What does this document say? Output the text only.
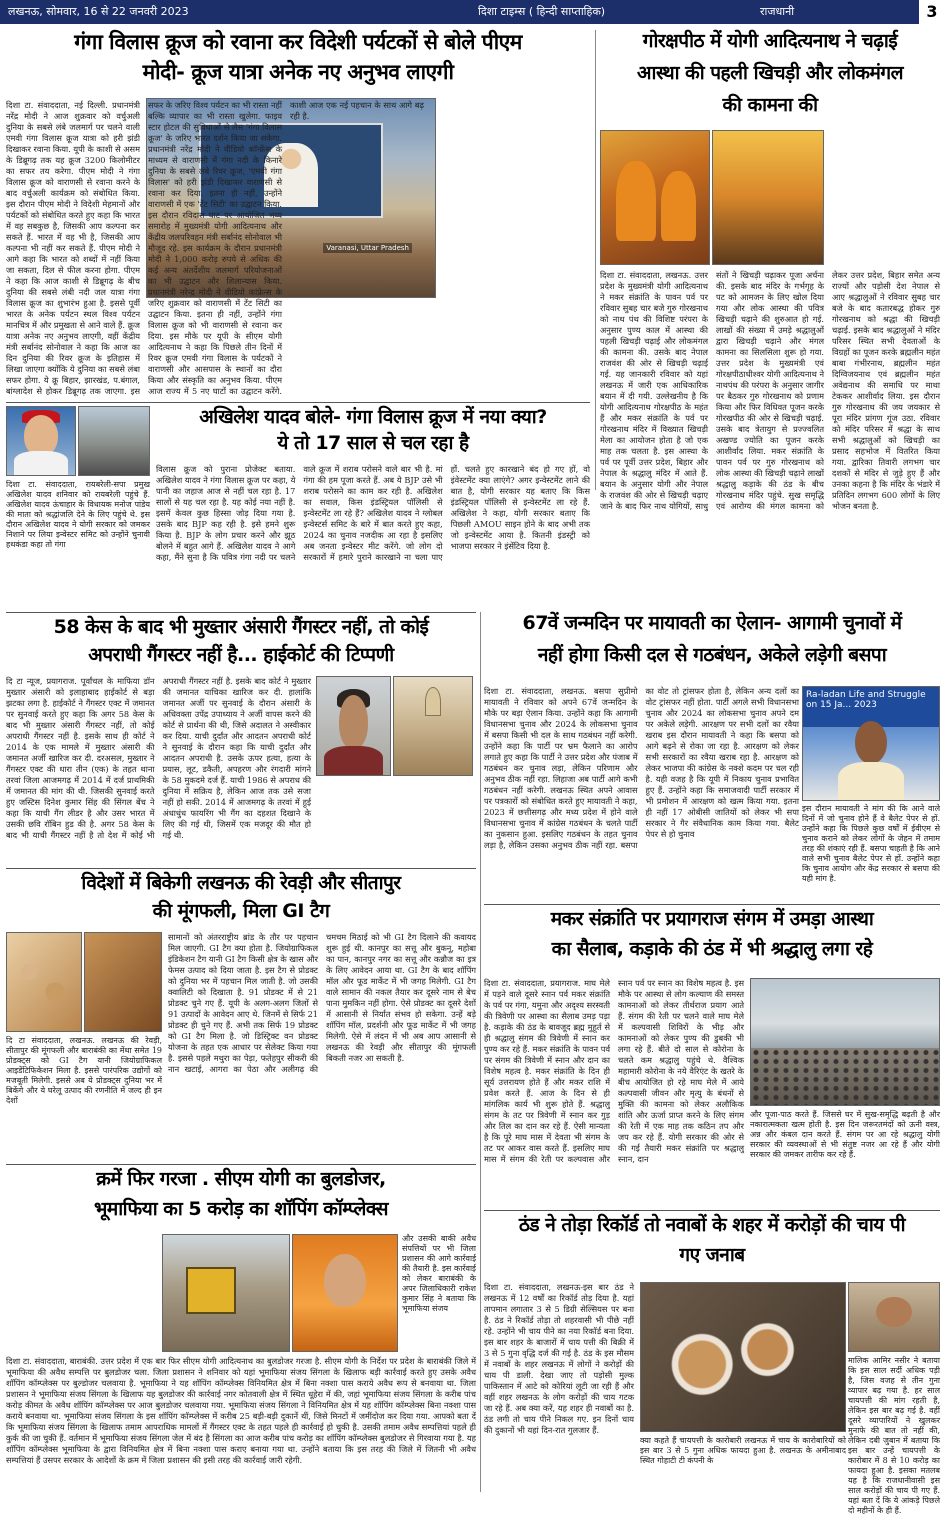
लखनऊ, सोमवार, 16 से 22 जनवरी 2023	दिशा टाइम्स ( हिन्दी साप्ताहिक)	राजधानी	3
गंगा विलास क्रूज को रवाना कर विदेशी पर्यटकों से बोले पीएम
मोदी- क्रूज यात्रा अनेक नए अनुभव लाएगी
Varanasi, Uttar Pradesh
दिशा टा. संवाददाता, नई दिल्ली. प्रधानमंत्री नरेंद्र मोदी ने आज शुक्रवार को वर्चुअली दुनिया के सबसे लंबे जलमार्ग पर चलने वाली एमवी गंगा विलास क्रूज यात्रा को हरी झंडी दिखाकर रवाना किया. यूपी के काशी से असम के डिब्रूगढ़ तक यह क्रूज 3200 किलोमीटर का सफर तय करेगा. पीएम मोदी ने गंगा विलास क्रूज को वाराणसी से रवाना करने के बाद वर्चुअली कार्यक्रम को संबोधित किया. इस दौरान पीएम मोदी ने विदेशी मेहमानों और पर्यटकों को संबोधित करते हुए कहा कि भारत में वह सबकुछ है, जिसकी आप कल्पना कर सकते हैं. भारत में वह भी है, जिसकी आप कल्पना भी नहीं कर सकते हैं. पीएम मोदी ने आगे कहा कि भारत को शब्दों में नहीं किया जा सकता, दिल से फील करना होगा. पीएम ने कहा कि आज काशी से डिब्रूगढ़ के बीच दुनिया की सबसे लंबी नदी जल यात्रा गंगा विलास क्रूज का शुभारंभ हुआ है. इससे पूर्वी भारत के अनेक पर्यटन स्थल विश्व पर्यटन मानचित्र में और प्रमुखता से आने वाले हैं. क्रूज यात्रा अनेक नए अनुभव लाएगी, वहीं केंद्रीय मंत्री सर्बानंद सोनोवाल ने कहा कि आज का दिन दुनिया की रिवर क्रूज के इतिहास में लिखा जाएगा क्योंकि ये दुनिया का सबसे लंबा सफर होगा. ये क्रू बिहार, झारखंड, प.बंगाल, बांग्लादेश से होकर डिब्रूगढ़ तक जाएगा. इस जरिए शुक्रवार को वाराणसी में टेंट सिटी का उद्घाटन किया. इतना ही नहीं, उन्होंने गंगा विलास क्रूज को भी वाराणसी से रवाना कर दिया. इस मौके पर यूपी के सीएम योगी आदित्यनाथ ने कहा कि पिछले तीन दिनों में रिवर क्रूज एमवी गंगा विलास के पर्यटकों ने वाराणसी और आसपास के स्थानों का दौरा किया और संस्कृति का अनुभव किया. पीएम आज राज्य में 5 नए घाटों का उद्घाटन करेंगे.
अखिलेश यादव बोले- गंगा विलास क्रूज में नया क्या?
ये तो 17 साल से चल रहा है
दिशा टा. संवाददाता, रायबरेली-सपा प्रमुख अखिलेश यादव शनिवार को रायबरेली पहुंचे हैं. अखिलेश यादव ऊंचाहार के विधायक मनोज पांडेय की माता को श्रद्धांजलि देने के लिए पहुंचे थे. इस दौरान अखिलेश यादव ने योगी सरकार को जमकर निशाने पर लिया इन्वेस्टर समिट को उन्होंने चुनावी हथकंडा कहा तो गंगा
विलास क्रूज को पुराना प्रोजेक्ट बताया. अखिलेश यादव ने गंगा विलास क्रूज पर कहा, ये पानी का जहाज आज से नहीं चल रहा है. 17 सालों से यह चल रहा है. यह कोई नया नहीं है. इसमें केवल कुछ हिस्सा जोड़ दिया गया है. उसके बाद BJP कह रही है. इसे हमने शुरू किया है. BJP के लोग प्रचार करने और झूठ बोलने में बहुत आगे हैं. अखिलेश यादव ने आगे कहा, मैंने सुना है कि पवित्र गंगा नदी पर चलने वाले क्रूज में शराब परोसने वाले बार भी है. मां गंगा की हम पूजा करते हैं. अब ये BJP उसे भी शराब परोसने का काम कर रही है. अखिलेश का सवाल, किस इंडस्ट्रियल पॉलिसी से इन्वेस्टमेंट ला रहे हैं? अखिलेश यादव ने ग्लोबल इन्वेस्टर्स समिट के बारे में बात करते हुए कहा, 2024 का चुनाव नजदीक आ रहा है इसलिए अब जनता इन्वेस्टर मीट करेंगे. जो लोग दो सरकारों में हमारे पुराने कारखाने ना चला पाए हों. चलते हुए कारखाने बंद हो गए हों, वो इंवेस्टमेंट क्या लाएंगे? अगर इन्वेस्टमेंट लाने की बात है, योगी सरकार यह बताए कि किस इंडस्ट्रियल पॉलिसी से इन्वेस्टमेंट ला रहे हैं. अखिलेश ने कहा, योगी सरकार बताए कि पिछली AMOU साइन होने के बाद अभी तक जो इन्वेस्टमेंट आया है. कितनी इंडस्ट्री को भाजपा सरकार ने इंसेंटिव दिया है.
गोरक्षपीठ में योगी आदित्यनाथ ने चढ़ाई
आस्था की पहली खिचड़ी और लोकमंगल
की कामना की
दिशा टा. संवाददाता, लखनऊ. उत्तर प्रदेश के मुख्यमंत्री योगी आदित्यनाथ ने मकर संक्रांति के पावन पर्व पर रविवार सुबह चार बजे गुरु गोरखनाथ को नाथ पंथ की विशिष्ट परंपरा के अनुसार पुण्य काल में आस्था की पहली खिचड़ी चढ़ाई और लोकमंगल की कामना की. उसके बाद नेपाल राजवंश की ओर से खिचड़ी चढ़ाई गई. यह जानकारी रविवार को यहां लखनऊ में जारी एक आधिकारिक बयान में दी गयी. उल्लेखनीय है कि योगी आदित्यनाथ गोरक्षपीठ के महंत हैं और मकर संक्रांति के पर्व पर गोरखनाथ मंदिर में विख्यात खिचड़ी मेला का आयोजन होता है जो एक माह तक चलता है. इस आस्था के पर्व पर पूर्वी उत्तर प्रदेश, बिहार और नेपाल के श्रद्धालु मंदिर में आते हैं. बयान के अनुसार योगी और नेपाल के राजवंश की ओर से खिचड़ी चढ़ाए जाने के बाद फिर नाथ योगियों, साधु संतों ने खिचड़ी चढ़ाकर पूजा अर्चना की. इसके बाद मंदिर के गर्भगृह के पट को आमजन के लिए खोल दिया गया और लोक आस्था की पवित्र खिचड़ी चढ़ाने की शुरुआत हो गई. लाखों की संख्या में उमड़े श्रद्धालुओं द्वारा खिचड़ी चढ़ाने और मंगल कामना का सिलसिला शुरू हो गया. उत्तर प्रदेश के मुख्यमंत्री एवं गोरक्षपीठाधीश्वर योगी आदित्यनाथ ने नाथपंथ की परंपरा के अनुसार जागीर पर बैठकर गुरु गोरखनाथ को प्रणाम किया और फिर विधिवत पूजन करके गोरखपीठ की ओर से खिचड़ी चढ़ाई. उसके बाद त्रेतायुग से प्रज्ज्वलित अखण्ड ज्योति का पूजन करके आशीर्वाद लिया. मकर संक्रांति के पावन पर्व पर गुरु गोरखनाथ को लोक आस्था की खिचड़ी चढ़ाने लाखों श्रद्धालु कड़ाके की ठंड के बीच गोरखनाथ मंदिर पहुंचे. सुख समृद्धि एवं आरोग्य की मंगल कामना को लेकर उत्तर प्रदेश, बिहार समेत अन्य राज्यों और पड़ोसी देश नेपाल से आए श्रद्धालुओं ने रविवार सुबह चार बजे के बाद कतारबद्ध होकर गुरु गोरखनाथ को श्रद्धा की खिचड़ी चढ़ाई. इसके बाद श्रद्धालुओं ने मंदिर परिसर स्थित सभी देवताओं के विग्रहों का पूजन करके ब्रह्मलीन महंत बाबा गंभीरनाथ, ब्रह्मलीन महंत दिग्विजयनाथ एवं ब्रह्मलीन महंत अवेद्यनाथ की समाधि पर माथा टेककर आशीर्वाद लिया. इस दौरान गुरु गोरखनाथ की जय जयकार से पूरा मंदिर प्रांगण गूंज उठा. रविवार को मंदिर परिसर में श्रद्धा के साथ सभी श्रद्धालुओं को खिचड़ी का प्रसाद सहभोज में वितरित किया गया. द्वारिका तिवारी लगभग चार दशकों से मंदिर से जुड़े हुए हैं और उनका कहना है कि मंदिर के भंडारे में प्रतिदिन लगभग 600 लोगों के लिए भोजन बनता है.
58 केस के बाद भी मुख्तार अंसारी गैंगस्टर नहीं, तो कोई
अपराधी गैंगस्टर नहीं है... हाईकोर्ट की टिप्पणी
दि टा न्यूज, प्रयागराज. पूर्वांचल के माफिया डॉन मुख्तार अंसारी को इलाहाबाद हाईकोर्ट से बड़ा झटका लगा है. हाईकोर्ट ने गैंगस्टर एक्ट में जमानत पर सुनवाई करते हुए कहा कि अगर 58 केस के बाद भी मुख्तार अंसारी गैंगस्टर नहीं, तो कोई अपराधी गैंगस्टर नहीं है. इसके साथ ही कोर्ट ने 2014 के एक मामले में मुख्तार अंसारी की जमानत अर्जी खारिज कर दी. दरअसल, मुख्तार ने गैंगस्टर एक्ट की धारा तीन (एक) के तहत थाना तरवां जिला आजमगढ़ में 2014 में दर्ज प्राथमिकी में जमानत की मांग की थी. जिसकी सुनवाई करते हुए जस्टिस दिनेश कुमार सिंह की सिंगल बेंच ने कहा कि याची गैंग लीडर है और उसर भारत में उसकी छवि रॉबिन हुड की है. अगर 58 केस के बाद भी याची गैंगस्टर नहीं है तो देश में कोई भी अपराधी गैंगस्टर नहीं है. इसके बाद कोर्ट ने मुख्तार की जमानत याचिका खारिज कर दी. हालांकि जमानत अर्जी पर सुनवाई के दौरान अंसारी के अधिवक्ता उपेंद्र उपाध्याय ने अर्जी वापस करने की कोर्ट से प्रार्थना की थी, जिसे अदालत ने अस्वीकार कर दिया. याची दुर्दांत और आदतन अपराधी कोर्ट ने सुनवाई के दौरान कहा कि याची दुर्दांत और आदतन अपराधी है. उसके ऊपर हत्या, हत्या के प्रयास, लूट, डकैती, अपहरण और रंगदारी मांगने के 58 मुकदमे दर्ज हैं. याची 1986 से अपराध की दुनिया में सक्रिय है, लेकिन आज तक उसे सजा नहीं हो सकी. 2014 में आजमगढ़ के तरवां में हुई अंधाधुंध फायरिंग भी गैंग का दहशत दिखाने के लिए की गई थी, जिसमें एक मजदूर की मौत हो गई थी.
67वें जन्मदिन पर मायावती का ऐलान- आगामी चुनावों में
नहीं होगा किसी दल से गठबंधन, अकेले लड़ेगी बसपा
दिशा टा. संवाददाता, लखनऊ. बसपा सुप्रीमो मायावती ने रविवार को अपने 67वें जन्मदिन के मौके पर बड़ा ऐलान किया. उन्होंने कहा कि आगामी विधानसभा चुनाव और 2024 के लोकसभा चुनाव में बसपा किसी भी दल के साथ गठबंधन नहीं करेगी. उन्होंने कहा कि पार्टी पर भ्रम फैलाने का आरोप लगाते हुए कहा कि पार्टी ने उत्तर प्रदेश और पंजाब में गठबंधन कर चुनाव लड़ा, लेकिन परिणाम और अनुभव ठीक नहीं रहा. लिहाजा अब पार्टी आगे कभी गठबंधन नहीं करेगी. लखनऊ स्थित अपने आवास पर पत्रकारों को संबोधित करते हुए मायावती ने कहा, 2023 में छत्तीसगढ़ और मध्य प्रदेश में होने वाले विधानसभा चुनाव में कांग्रेस गठबंधन के चलते पार्टी का नुकसान हुआ. इसलिए गठबंधन के तहत चुनाव लड़ा है, लेकिन उसका अनुभव ठीक नहीं रहा. बसपा का वोट तो ट्रांसफर होता है, लेकिन अन्य दलों का वोट ट्रांसफर नहीं होता. पार्टी अगले सभी विधानसभा चुनाव और 2024 का लोकसभा चुनाव अपने दम पर अकेले लड़ेगी. आरक्षण पर सभी दलों का रवैया खराब इस दौरान मायावती ने कहा कि बसपा को आगे बढ़ने से रोका जा रहा है. आरक्षण को लेकर सभी सरकारों का रवैया खराब रहा है. आरक्षण को लेकर भाजपा की कांग्रेस के नक्शे कदम पर चल रही है. यही वजह है कि यूपी में निकाय चुनाव प्रभावित हुए हैं. उन्होंने कहा कि समाजवादी पार्टी सरकार में भी प्रमोशन में आरक्षण को खत्म किया गया. इतना ही नहीं 17 ओबीसी जातियों को लेकर भी सपा सरकार ने गैर संवैधानिक काम किया गया. बैलेट पेपर से हो चुनाव
Ra-ladan Life and Struggle on 15 Ja... 2023
इस दौरान मायावती ने मांग की कि आने वाले दिनों में जो चुनाव होने हैं वे बैलेट पेपर से हों. उन्होंने कहा कि पिछले कुछ वर्षों में ईवीएम से चुनाव कराने को लेकर लोगों के जेहन में तमाम तरह की शंकाएं रही हैं. बसपा चाहती है कि आने वाले सभी चुनाव बैलेट पेपर से हों. उन्होंने कहा कि चुनाव आयोग और केंद्र सरकार से बसपा की यही मांग है.
विदेशों में बिकेगी लखनऊ की रेवड़ी और सीतापुर
की मूंगफली, मिला GI टैग
दि टा संवाददाता, लखनऊ. लखनऊ की रेवड़ी, सीतापुर की मूंगफली और बाराबंकी का मेंथा समेत 19 प्रोडक्ट्स को GI टैग यानी जियोग्राफिकल आइडेंटिफिकेशन मिला है. इससे पारंपरिक उद्योगों को मजबूती मिलेगी. इससे अब ये प्रोडक्ट्स दुनिया भर में बिकेंगे और ये घरेलू उत्पाद की रणनीति में जल्द ही इन देशों
सामानों को अंतरराष्ट्रीय ब्रांड के तौर पर पहचान मिल जाएगी. GI टैग क्या होता है. जियोग्राफिकल इंडिकेशन टैग यानी GI टैग किसी क्षेत्र के खास और फेमस उत्पाद को दिया जाता है. इस टैग से प्रोडक्ट को दुनिया भर में पहचान मिल जाती है. जो उसकी क्वालिटी को दिखाता है. 91 प्रोडक्ट में से 21 प्रोडक्ट चुने गए हैं. यूपी के अलग-अलग जिलों से 91 उत्पादों के आवेदन आए थे. जिनमें से सिर्फ 21 प्रोडक्ट ही चुने गए हैं. अभी तक सिर्फ 19 प्रोडक्ट को GI टैग मिला है. जो डिस्ट्रिक्ट वन प्रोडक्ट योजना के तहत एक आधार पर सेलेक्ट किया गया है. इससे पहले मथुरा का पेड़ा, फतेहपुर सीकरी की नान खटाई, आगरा का पेठा और अलीगढ़ की चमचम मिठाई को भी GI टैग दिलाने की कवायद शुरू हुई थी. कानपुर का सत्तू और बुकनू, महोबा का पान, कानपुर नगर का सत्तू और कन्नौज का इत्र के लिए आवेदन आया था. GI टैग के बाद शॉपिंग मॉल और फूड मार्केट में भी जगह मिलेगी. GI टैग वाले सामान की नकल तैयार कर दूसरे नाम से बेच पाना मुमकिन नहीं होगा. ऐसे प्रोडक्ट का दूसरे देशों में आसानी से निर्यात संभव हो सकेगा. उन्हें बड़े शॉपिंग मॉल, प्रदर्शनी और फूड मार्केट में भी जगह मिलेगी. ऐसे में लंदन में भी अब आप आसानी से लखनऊ की रेवड़ी और सीतापुर की मूंगफली बिकती नजर आ सकती है.
मकर संक्रांति पर प्रयागराज संगम में उमड़ा आस्था
का सैलाब, कड़ाके की ठंड में भी श्रद्धालु लगा रहे
दिशा टा. संवाददाता, प्रयागराज. माघ मेले में पड़ने वाले दूसरे स्नान पर्व मकर संक्रांति के पर्व पर गंगा, यमुना और अदृश्य सरस्वती की त्रिवेणी पर आस्था का सैलाब उमड़ पड़ा है. कड़ाके की ठंड के बावजूद ब्रह्म मुहूर्त से ही श्रद्धालु संगम की त्रिवेणी में स्नान कर पुण्य कर रहे हैं. मकर संक्रांति के पावन पर्व पर संगम की त्रिवेणी में स्नान और दान का विशेष महत्व है. मकर संक्रांति के दिन ही सूर्य उत्तरायण होते हैं और मकर राशि में प्रवेश करते हैं. आज के दिन से ही मांगलिक कार्य भी शुरू होते हैं. श्रद्धालु संगम के तट पर त्रिवेणी में स्नान कर गुड़ और तिल का दान कर रहे हैं. ऐसी मान्यता है कि पूरे माघ मास में देवता भी संगम के तट पर आकर वास करते हैं. इसलिए माघ मास में संगम की रेती पर कल्पवास और स्नान पर्व पर स्नान का विशेष महत्व है. इस मौके पर आस्था से लोग कल्याण की समस्त कामनाओं को लेकर तीर्थराज प्रयाग आते हैं. संगम की रेती पर चलने वाले माघ मेले में कल्पवासी शिविरों के भीड़ और कामनाओं को लेकर पुण्य की डुबकी भी लगा रहे हैं. बीते दो साल से कोरोना के चलते कम श्रद्धालु पहुंचे थे. वैश्विक महामारी कोरोना के नये वैरिएंट के खतरे के बीच आयोजित हो रहे माघ मेले में आये कल्पवासी जीवन और मृत्यु के बंधनों से मुक्ति की कामना को लेकर अलौकिक शांति और ऊर्जा प्राप्त करने के लिए संगम की रेती में एक माह तक कठिन तप और जप कर रहे हैं. योगी सरकार की ओर से की गई तैयारी मकर संक्रांति पर श्रद्धालु स्नान, दान
और पूजा-पाठ करते हैं. जिससे घर में सुख-समृद्धि बढ़ती है और नकारात्मकता खत्म होती है. इस दिन जरूरतमंदों को ऊनी वस्त्र, अन्न और कंबल दान करते हैं. संगम पर आ रहे श्रद्धालु योगी सरकार की व्यवस्थाओं से भी संतुष्ट नजर आ रहे हैं और योगी सरकार की जमकर तारीफ कर रहे हैं.
क्रमें फिर गरजा . सीएम योगी का बुलडोजर,
भूमाफिया का 5 करोड़ का शॉपिंग कॉम्प्लेक्स
और उसकी बाकी अवैध संपत्तियों पर भी जिला प्रशासन की आगे कार्रवाई की तैयारी है. इस कार्रवाई को लेकर बाराबंकी के अपर जिलाधिकारी राकेश कुमार सिंह ने बताया कि भूमाफिया संजय
दिशा टा. संवाददाता, बाराबंकी. उत्तर प्रदेश में एक बार फिर सीएम योगी आदित्यनाथ का बुलडोजर गरजा है. सीएम योगी के निर्देश पर प्रदेश के बाराबंकी जिले में भूमाफिया की अवैध सम्पत्ति पर बुलडोजर चला. जिला प्रशासन ने शनिवार को यहां भूमाफिया संजय सिंगला के खिलाफ बड़ी कार्रवाई करते हुए उसके अवैध शॉपिंग कॉम्प्लेक्स पर बुल्डोजर चलवाया है. भूमाफिया ने यह शॉपिंग कॉम्प्लेक्स विनियमित क्षेत्र में बिना नक्शा पास कराये अवैध रूप से बनवाया था. जिला प्रशासन ने भूमाफिया संजय सिंगला के खिलाफ यह बुलडोजर की कार्रवाई नगर कोतवाली क्षेत्र में स्थित धूहेरा में की, जहां भूमाफिया संजय सिंगला के करीब पांच करोड़ कीमत के अवैध शॉपिंग कॉम्प्लेक्स पर आज बुलडोजर चलवाया गया. भूमाफिया संजय सिंगला ने विनियमित क्षेत्र में यह शॉपिंग कॉम्प्लेक्स बिना नक्शा पास कराये बनवाया था. भूमाफिया संजय सिंगला के इस शॉपिंग कॉम्प्लेक्स में करीब 25 बड़ी-बड़ी दुकानें थीं, जिसे मिनटों में जमींदोज कर दिया गया. आपको बता दें कि भूमाफिया संजय सिंगला के खिलाफ तमाम आपराधिक मामलों में गैंगस्टर एक्ट के तहत पहले ही कार्रवाई हो चुकी है. उसकी तमाम अवैध सम्पत्तियां पहले ही कुर्क की जा चुकी हैं. वर्तमान में भूमाफिया संजय सिंगला जेल में बंद है सिंगला का आज करीब पांच करोड़ का शॉपिंग कॉम्प्लेक्स बुलडोजर से गिरवाया गया है. यह शॉपिंग कॉम्प्लेक्स भूमाफिया के द्वारा विनियमित क्षेत्र में बिना नक्शा पास कराए बनाया गया था. उन्होंने बताया कि इस तरह की जिले में जितनी भी अवैध सम्पत्तियां हैं उसपर सरकार के आदेशों के क्रम में जिला प्रशासन की इसी तरह की कार्रवाई जारी रहेगी.
ठंड ने तोड़ा रिकॉर्ड तो नवाबों के शहर में करोड़ों की चाय पी
गए जनाब
दिशा टा. संवाददाता, लखनऊ-इस बार ठंड ने लखनऊ में 12 वर्षों का रिकॉर्ड तोड़ दिया है. यहां तापमान लगातार 3 से 5 डिग्री सेल्सियस पर बना है. ठंड ने रिकॉर्ड तोड़ा तो शहरवासी भी पीछे नहीं रहे. उन्होंने भी चाय पीने का नया रिकॉर्ड बना दिया. इस बार शहर के बाजारों में चाय पत्ती की बिक्री में 3 से 5 गुना वृद्धि दर्ज की गई है. ठंड के इस मौसम में नवाबों के शहर लखनऊ में लोगों ने करोड़ों की चाय पी डाली. देखा जाए तो पड़ोसी मुल्क पाकिस्तान में आटे को कोरियां लूटी जा रही हैं और वहीं शहर लखनऊ के लोग करोड़ों की चाय गटक जा रहे हैं. अब क्या करें, यह शहर ही नवाबों का है. ठंड लगी तो चाय पीने निकल गए. इन दिनों चाय की दुकानों भी यहां दिन-रात गुलजार हैं.
क्या कहते हैं चायपत्ती के कारोबारी लखनऊ में चाय के कारोबारियों को इस बार 3 से 5 गुना अधिक फायदा हुआ है. लखनऊ के अमीनाबाद स्थित गोहाटी टी कंपनी के
मालिक आमिर नसीर ने बताया कि इस साल सर्दी अधिक पड़ी है, जिस वजह से तीन गुना व्यापार बढ़ गया है. हर साल चायपत्ती की मांग रहती है, लेकिन इस बार बढ़ गई है. वहीं दूसरे व्यापारियों ने खुलकर मुनाफे की बात तो नहीं की, लेकिन दबी जुबान में बताया कि इस बार उन्हें चायपत्ती के कारोबार में 8 से 10 करोड़ का फायदा हुआ है. इसका मतलब यह है कि राजधानीवासी इस साल करोड़ों की चाय पी गए हैं. यहां बता दें कि ये आंकड़े पिछले दो महीनों के ही हैं.
